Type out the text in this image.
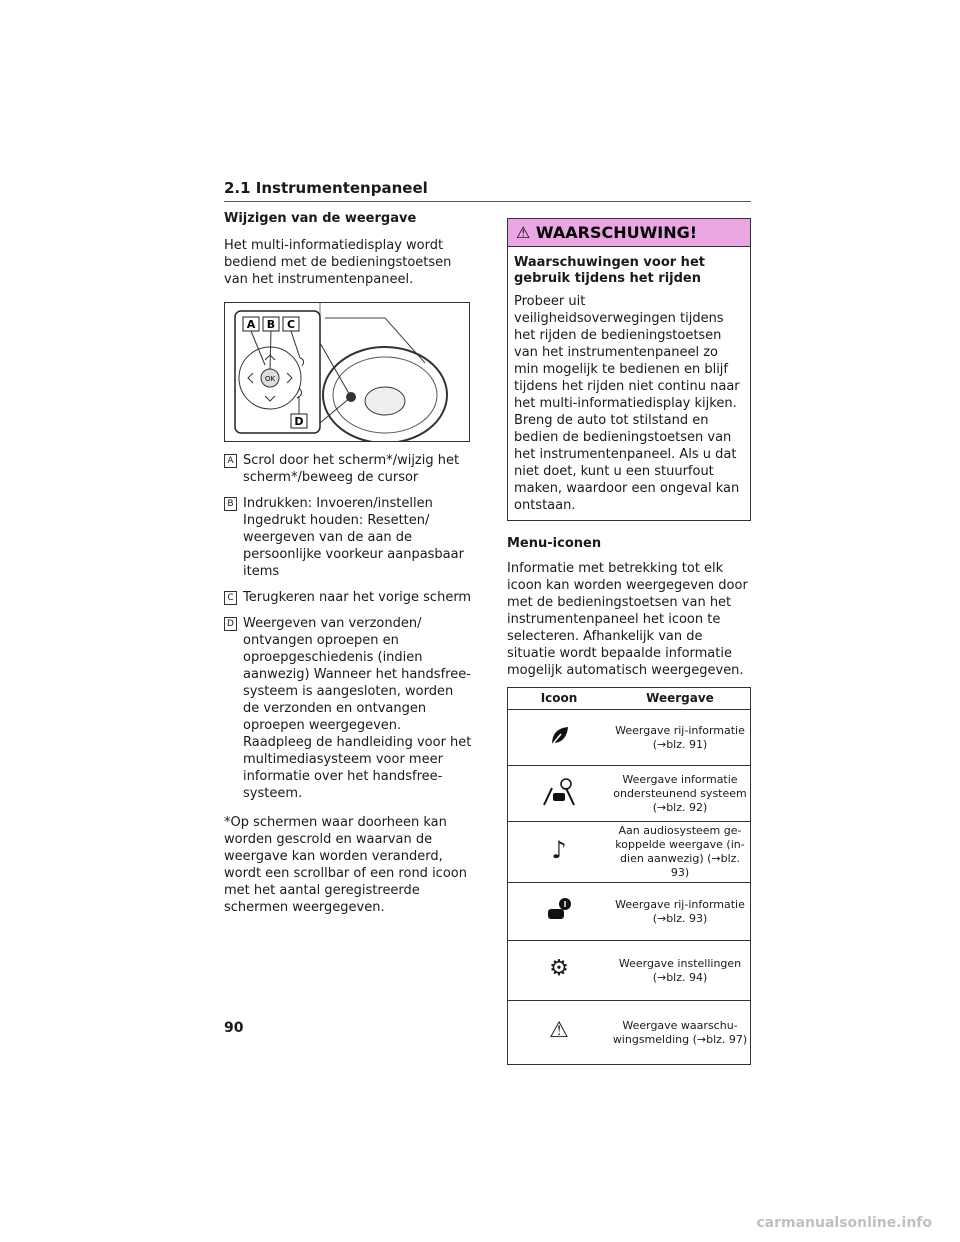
2.1 Instrumentenpaneel
Wijzigen van de weergave

Het multi-informatiedisplay wordt bediend met de bedieningstoetsen van het instrumentenpaneel.

OK
A B C
D
A Scrol door het scherm*/wijzig het scherm*/beweeg de cursor
B Indrukken: Invoeren/instellen Ingedrukt houden: Resetten/ weergeven van de aan de persoonlijke voorkeur aanpasbaar items
C Terugkeren naar het vorige scherm
D Weergeven van verzonden/ ontvangen oproepen en oproepgeschiedenis (indien aanwezig) Wanneer het handsfree-systeem is aangesloten, worden de verzonden en ontvangen oproepen weergegeven. Raadpleeg de handleiding voor het multimediasysteem voor meer informatie over het handsfree- systeem.

*Op schermen waar doorheen kan worden gescrold en waarvan de weergave kan worden veranderd, wordt een scrollbar of een rond icoon met het aantal geregistreerde schermen weergegeven.

⚠ WAARSCHUWING!
Waarschuwingen voor het gebruik tijdens het rijden

Probeer uit veiligheidsoverwegingen tijdens het rijden de bedieningstoetsen van het instrumentenpaneel zo min mogelijk te bedienen en blijf tijdens het rijden niet continu naar het multi-informatiedisplay kijken. Breng de auto tot stilstand en bedien de bedieningstoetsen van het instrumentenpaneel. Als u dat niet doet, kunt u een stuurfout maken, waardoor een ongeval kan ontstaan.

Menu-iconen

Informatie met betrekking tot elk icoon kan worden weergegeven door met de bedieningstoetsen van het instrumentenpaneel het icoon te selecteren. Afhankelijk van de situatie wordt bepaalde informatie mogelijk automatisch weergegeven.

Icoon	Weergave
	Weergave rij-informatie (→blz. 91)
	Weergave informatie ondersteunend systeem (→blz. 92)
♪	Aan audiosysteem ge- koppelde weergave (in- dien aanwezig) (→blz. 93)
	Weergave rij-informatie (→blz. 93)
⚙	Weergave instellingen (→blz. 94)
⚠	Weergave waarschu- wingsmelding (→blz. 97)
90
carmanualsonline.info
